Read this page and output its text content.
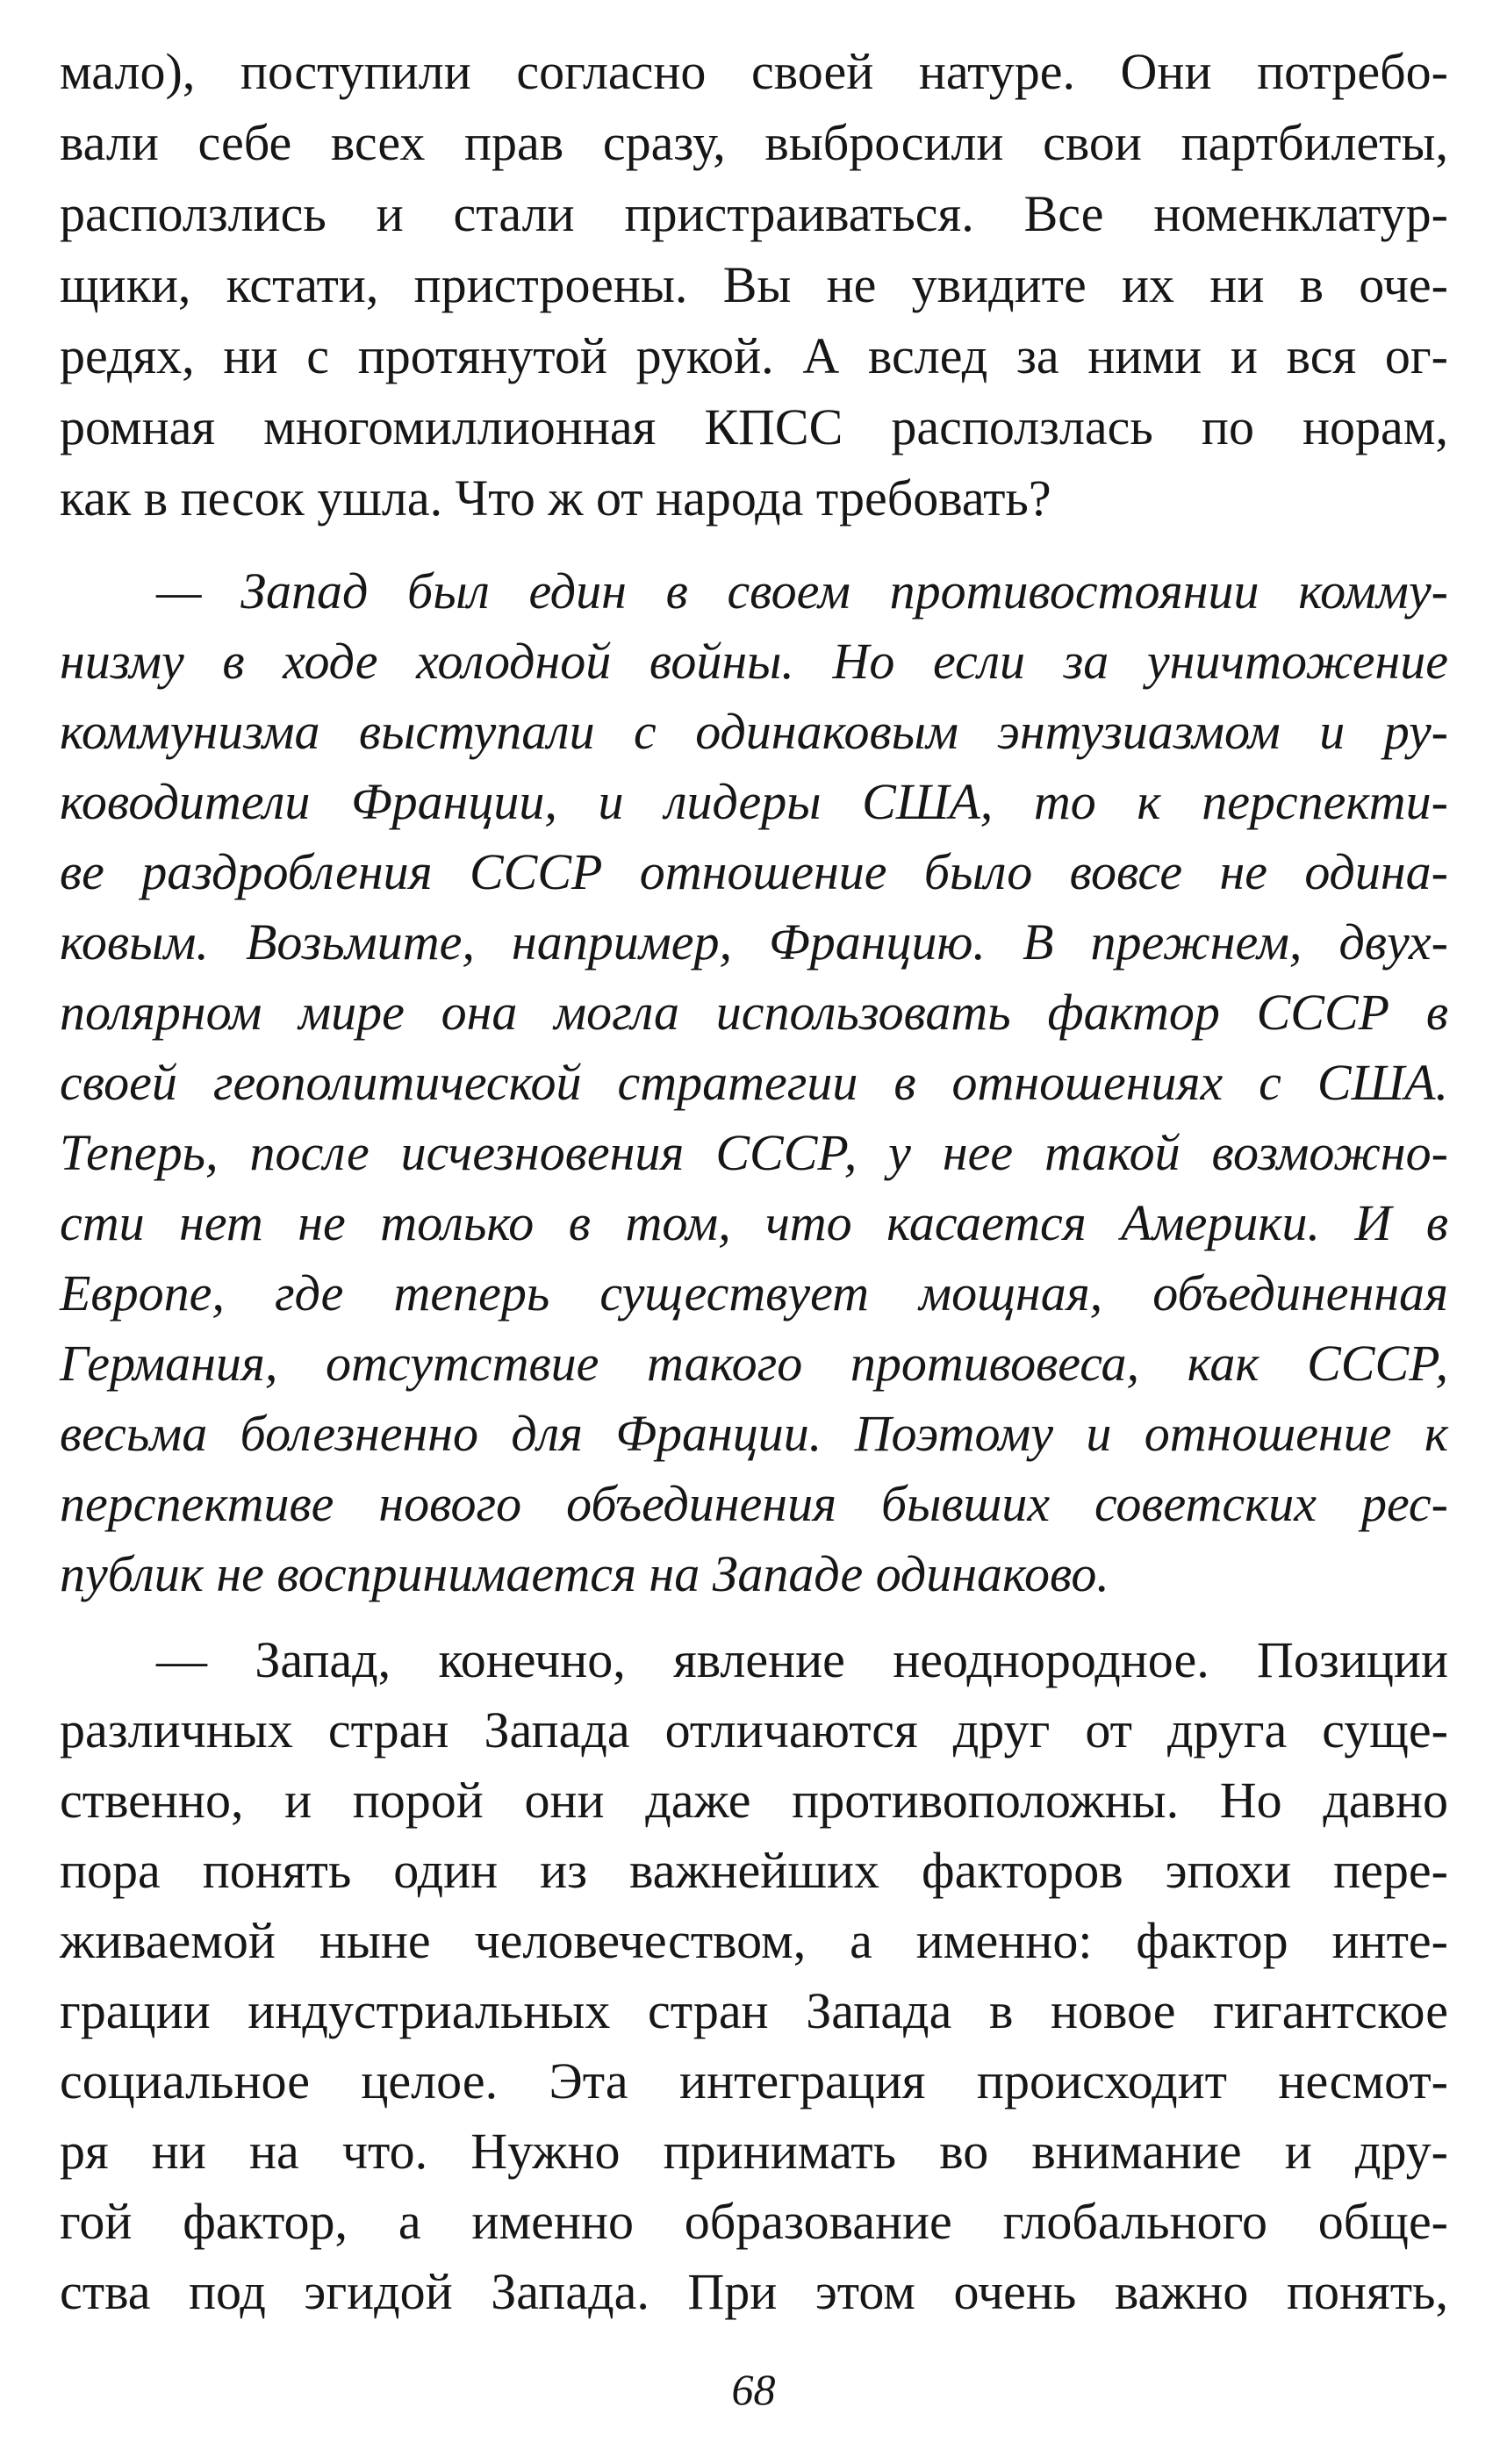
мало), поступили согласно своей натуре. Они потребо-
вали себе всех прав сразу, выбросили свои партбилеты,
расползлись и стали пристраиваться. Все номенклатур-
щики, кстати, пристроены. Вы не увидите их ни в оче-
редях, ни с протянутой рукой. А вслед за ними и вся ог-
ромная многомиллионная КПСС расползлась по норам,
как в песок ушла. Что ж от народа требовать?
— Запад был един в своем противостоянии комму-
низму в ходе холодной войны. Но если за уничтожение
коммунизма выступали с одинаковым энтузиазмом и ру-
ководители Франции, и лидеры США, то к перспекти-
ве раздробления СССР отношение было вовсе не одина-
ковым. Возьмите, например, Францию. В прежнем, двух-
полярном мире она могла использовать фактор СССР в
своей геополитической стратегии в отношениях с США.
Теперь, после исчезновения СССР, у нее такой возможно-
сти нет не только в том, что касается Америки. И в
Европе, где теперь существует мощная, объединенная
Германия, отсутствие такого противовеса, как СССР,
весьма болезненно для Франции. Поэтому и отношение к
перспективе нового объединения бывших советских рес-
публик не воспринимается на Западе одинаково.
— Запад, конечно, явление неоднородное. Позиции
различных стран Запада отличаются друг от друга суще-
ственно, и порой они даже противоположны. Но давно
пора понять один из важнейших факторов эпохи пере-
живаемой ныне человечеством, а именно: фактор инте-
грации индустриальных стран Запада в новое гигантское
социальное целое. Эта интеграция происходит несмот-
ря ни на что. Нужно принимать во внимание и дру-
гой фактор, а именно образование глобального обще-
ства под эгидой Запада. При этом очень важно понять,
68
